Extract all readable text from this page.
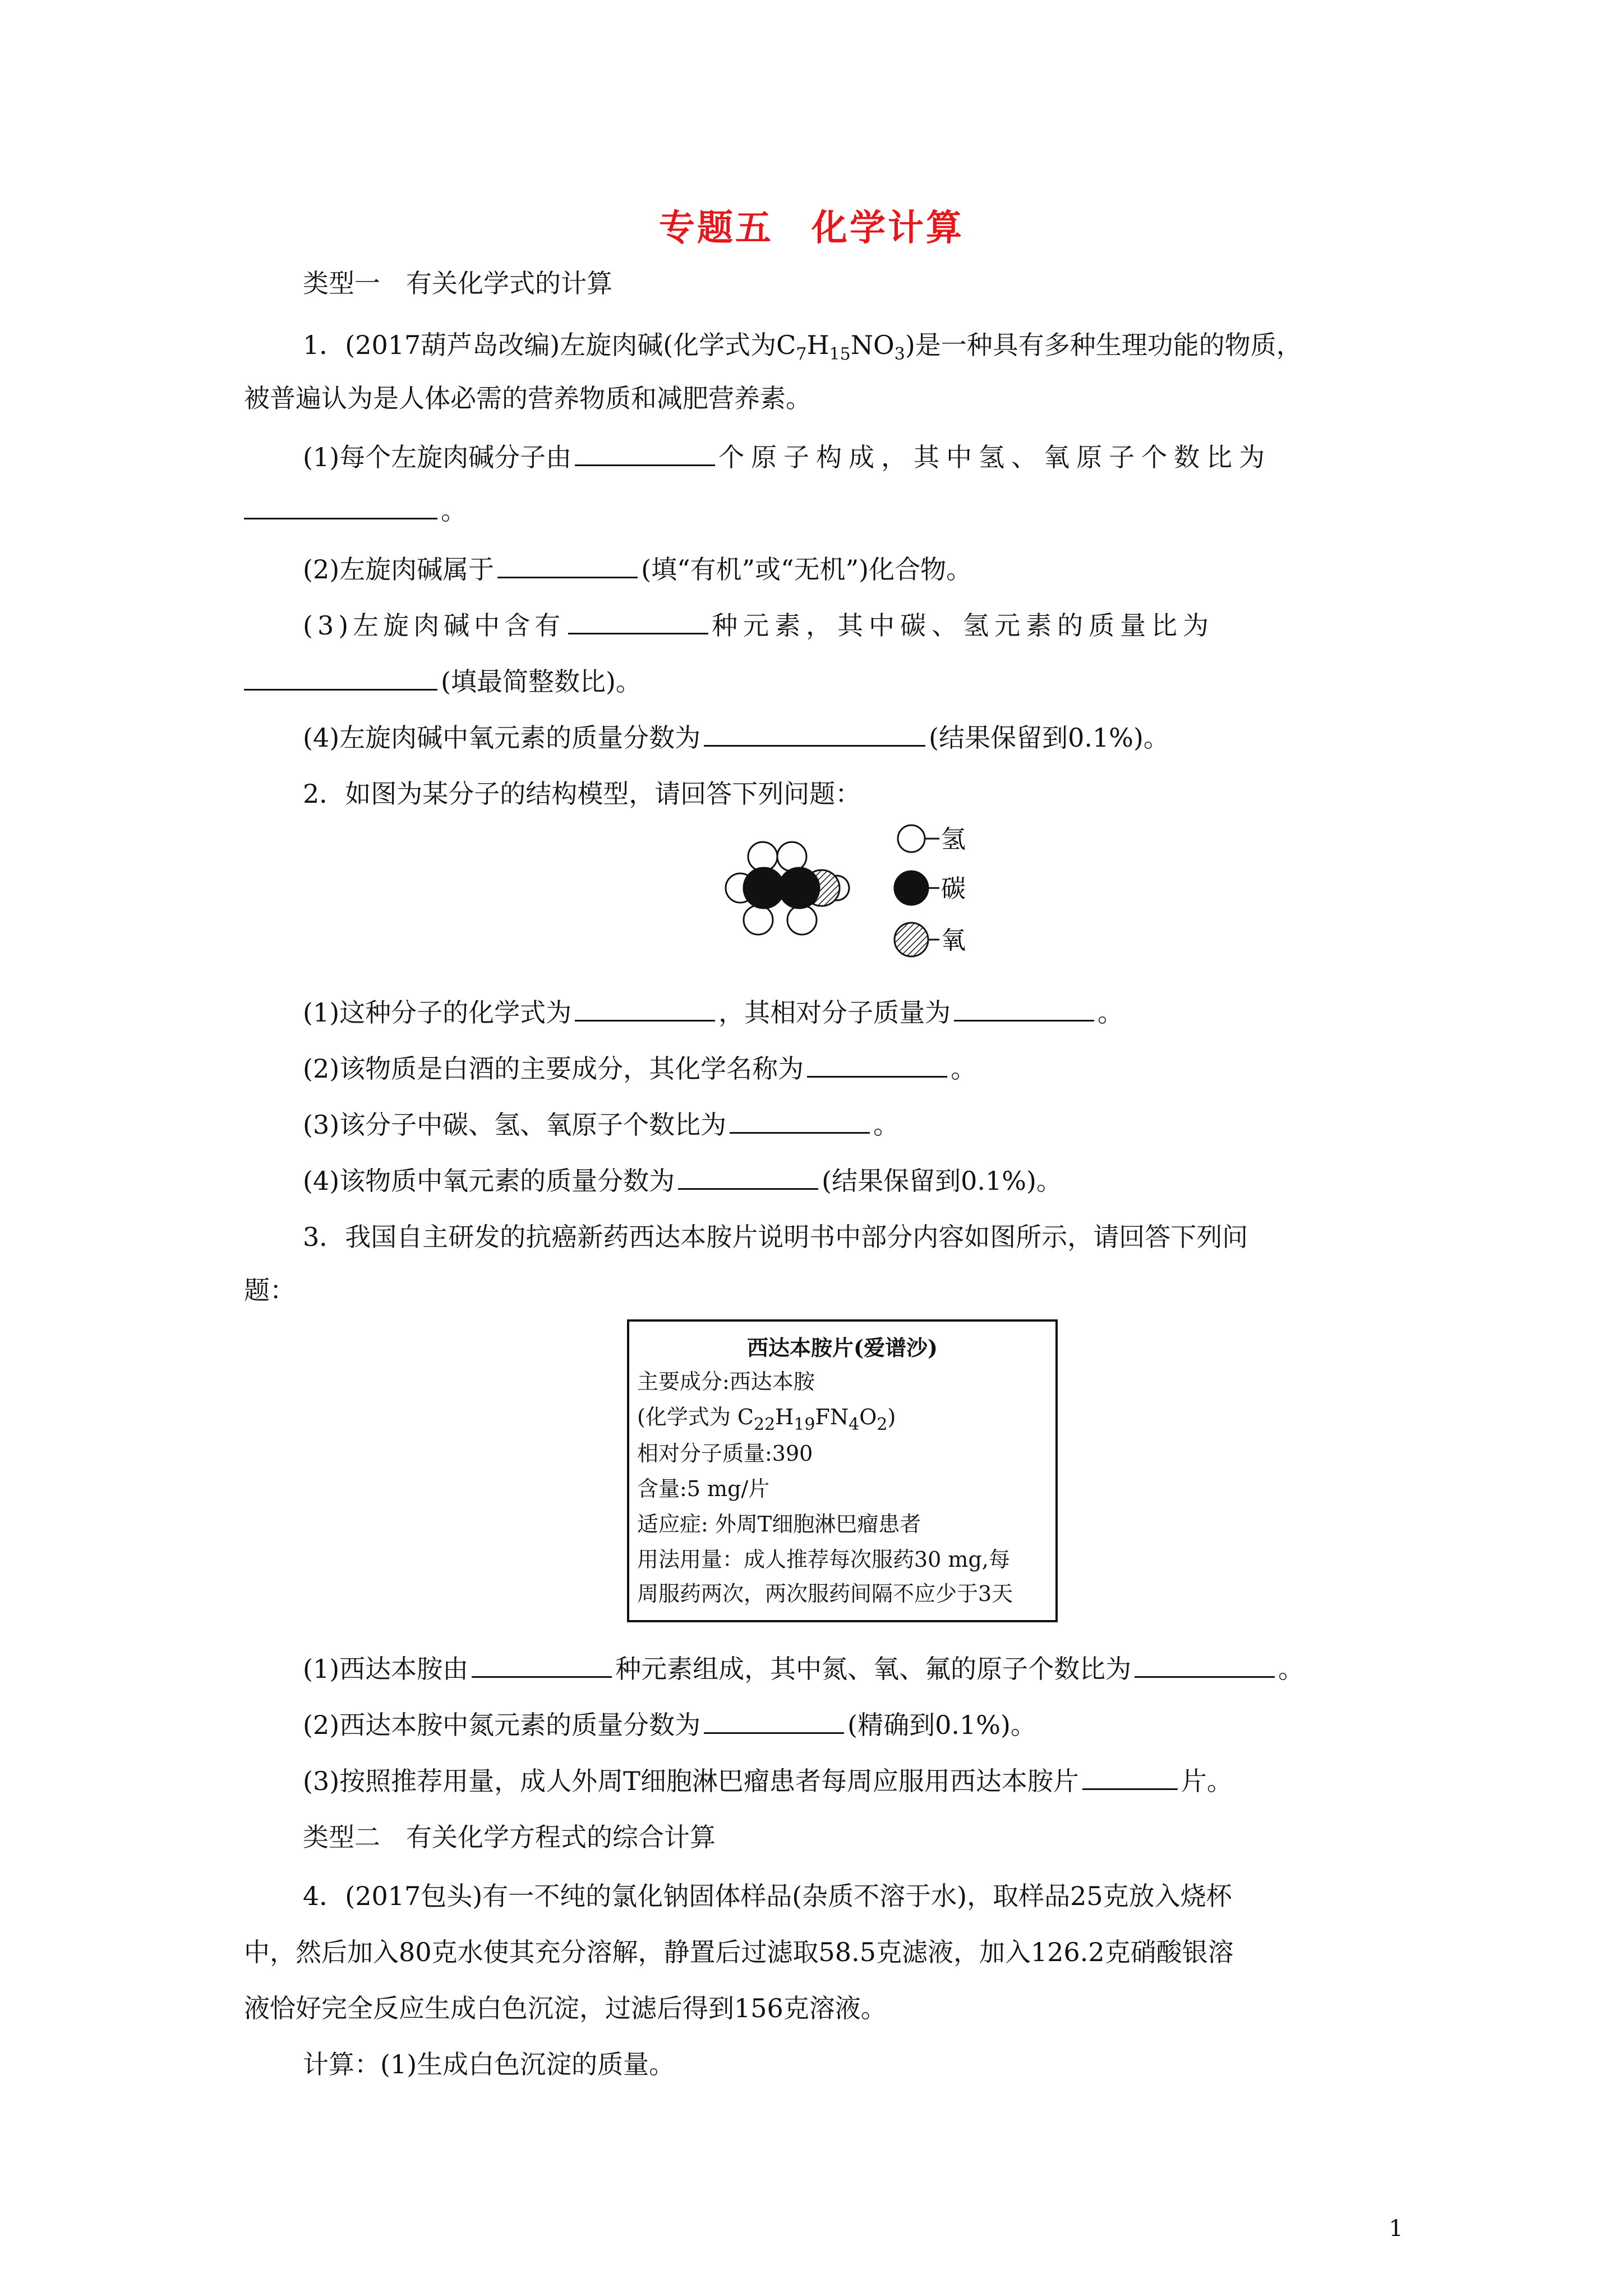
专题五　化学计算
类型一　有关化学式的计算
1．(2017葫芦岛改编)左旋肉碱(化学式为$C_7H_{15}NO_3$)是一种具有多种生理功能的物质，
被普遍认为是人体必需的营养物质和减肥营养素。
(1)每个左旋肉碱分子由	个原子构成，其中氢、氧原子个数比为
。
(2)左旋肉碱属于	(填“有机”或“无机”)化合物。
(3)左旋肉碱中含有	种元素，其中碳、氢元素的质量比为
(填最简整数比)。
(4)左旋肉碱中氧元素的质量分数为	(结果保留到0.1%)。
2．如图为某分子的结构模型，请回答下列问题：
氢
碳
氧
(1)这种分子的化学式为	，其相对分子质量为	。
(2)该物质是白酒的主要成分，其化学名称为	。
(3)该分子中碳、氢、氧原子个数比为	。
(4)该物质中氧元素的质量分数为	(结果保留到0.1%)。
3．我国自主研发的抗癌新药西达本胺片说明书中部分内容如图所示，请回答下列问
题：
西达本胺片(爱谱沙)
主要成分:西达本胺
(化学式为 $C_{22}H_{19}FN_4O_2$)
相对分子质量:390
含量:5 mg/片
适应症: 外周T细胞淋巴瘤患者
用法用量：成人推荐每次服药30 mg,每
周服药两次，两次服药间隔不应少于3天
(1)西达本胺由	种元素组成，其中氮、氧、氟的原子个数比为	。
(2)西达本胺中氮元素的质量分数为	(精确到0.1%)。
(3)按照推荐用量，成人外周T细胞淋巴瘤患者每周应服用西达本胺片	片。
类型二　有关化学方程式的综合计算
4．(2017包头)有一不纯的氯化钠固体样品(杂质不溶于水)，取样品25克放入烧杯
中，然后加入80克水使其充分溶解，静置后过滤取58.5克滤液，加入126.2克硝酸银溶
液恰好完全反应生成白色沉淀，过滤后得到156克溶液。
计算：(1)生成白色沉淀的质量。
1
